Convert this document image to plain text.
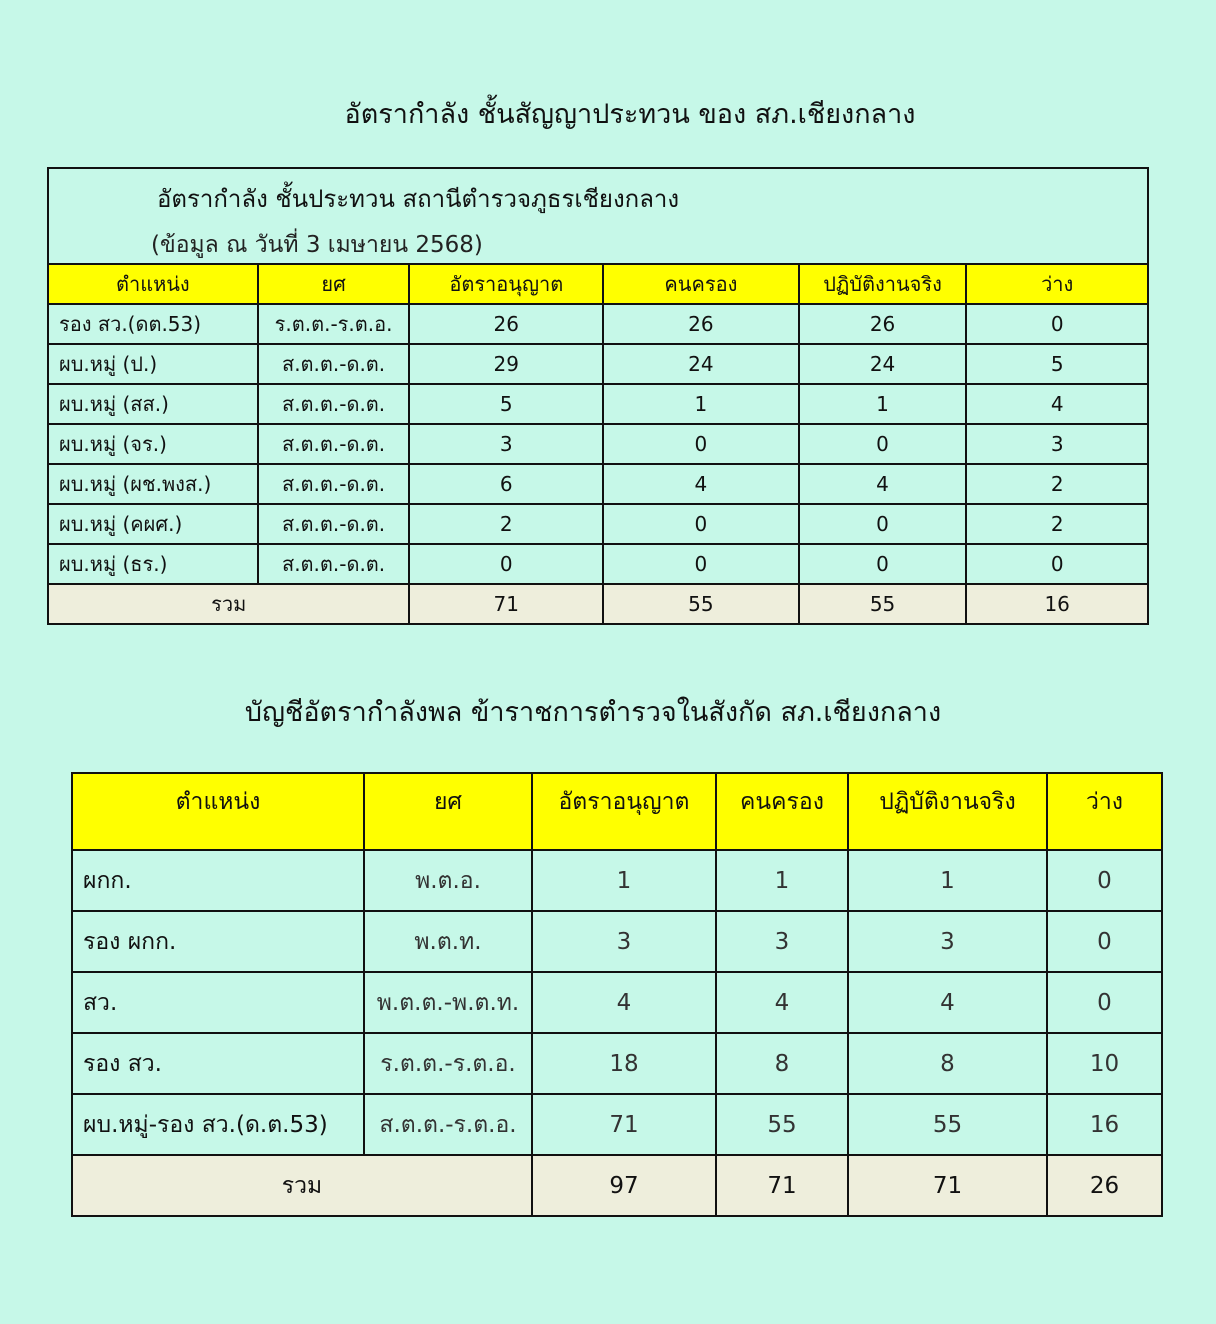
อัตรากำลัง ชั้นสัญญาประทวน ของ สภ.เชียงกลาง
อัตรากำลัง ชั้นประทวน สถานีตำรวจภูธรเชียงกลาง
(ข้อมูล ณ วันที่ 3 เมษายน 2568)					

ตำแหน่ง	ยศ	อัตราอนุญาต	คนครอง	ปฏิบัติงานจริง	ว่าง
รอง สว.(ดต.53)	ร.ต.ต.-ร.ต.อ.	26	26	26	0
ผบ.หมู่ (ป.)	ส.ต.ต.-ด.ต.	29	24	24	5
ผบ.หมู่ (สส.)	ส.ต.ต.-ด.ต.	5	1	1	4
ผบ.หมู่ (จร.)	ส.ต.ต.-ด.ต.	3	0	0	3
ผบ.หมู่ (ผช.พงส.)	ส.ต.ต.-ด.ต.	6	4	4	2
ผบ.หมู่ (คผศ.)	ส.ต.ต.-ด.ต.	2	0	0	2
ผบ.หมู่ (ธร.)	ส.ต.ต.-ด.ต.	0	0	0	0
รวม		71	55	55	16
บัญชีอัตรากำลังพล ข้าราชการตำรวจในสังกัด สภ.เชียงกลาง
ตำแหน่ง	ยศ	อัตราอนุญาต	คนครอง	ปฏิบัติงานจริง	ว่าง
ผกก.	พ.ต.อ.	1	1	1	0
รอง ผกก.	พ.ต.ท.	3	3	3	0
สว.	พ.ต.ต.-พ.ต.ท.	4	4	4	0
รอง สว.	ร.ต.ต.-ร.ต.อ.	18	8	8	10
ผบ.หมู่-รอง สว.(ด.ต.53)	ส.ต.ต.-ร.ต.อ.	71	55	55	16
รวม		97	71	71	26
